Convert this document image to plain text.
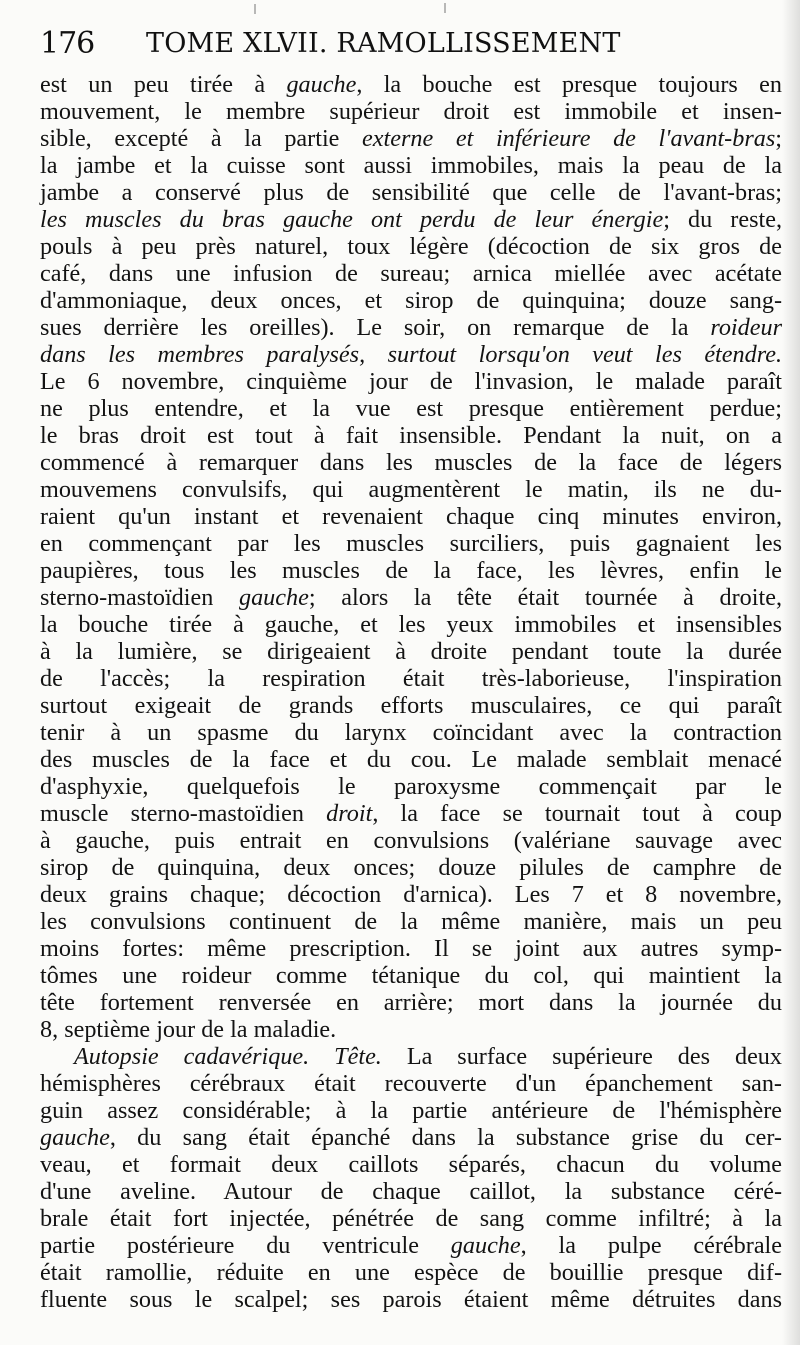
176 TOME XLVII. RAMOLLISSEMENT
est un peu tirée à gauche, la bouche est presque toujours en
mouvement, le membre supérieur droit est immobile et insen-
sible, excepté à la partie externe et inférieure de l'avant-bras;
la jambe et la cuisse sont aussi immobiles, mais la peau de la
jambe a conservé plus de sensibilité que celle de l'avant-bras;
les muscles du bras gauche ont perdu de leur énergie; du reste,
pouls à peu près naturel, toux légère (décoction de six gros de
café, dans une infusion de sureau; arnica miellée avec acétate
d'ammoniaque, deux onces, et sirop de quinquina; douze sang-
sues derrière les oreilles). Le soir, on remarque de la roideur
dans les membres paralysés, surtout lorsqu'on veut les étendre.
Le 6 novembre, cinquième jour de l'invasion, le malade paraît
ne plus entendre, et la vue est presque entièrement perdue;
le bras droit est tout à fait insensible. Pendant la nuit, on a
commencé à remarquer dans les muscles de la face de légers
mouvemens convulsifs, qui augmentèrent le matin, ils ne du-
raient qu'un instant et revenaient chaque cinq minutes environ,
en commençant par les muscles surciliers, puis gagnaient les
paupières, tous les muscles de la face, les lèvres, enfin le
sterno-mastoïdien gauche; alors la tête était tournée à droite,
la bouche tirée à gauche, et les yeux immobiles et insensibles
à la lumière, se dirigeaient à droite pendant toute la durée
de l'accès; la respiration était très-laborieuse, l'inspiration
surtout exigeait de grands efforts musculaires, ce qui paraît
tenir à un spasme du larynx coïncidant avec la contraction
des muscles de la face et du cou. Le malade semblait menacé
d'asphyxie, quelquefois le paroxysme commençait par le
muscle sterno-mastoïdien droit, la face se tournait tout à coup
à gauche, puis entrait en convulsions (valériane sauvage avec
sirop de quinquina, deux onces; douze pilules de camphre de
deux grains chaque; décoction d'arnica). Les 7 et 8 novembre,
les convulsions continuent de la même manière, mais un peu
moins fortes: même prescription. Il se joint aux autres symp-
tômes une roideur comme tétanique du col, qui maintient la
tête fortement renversée en arrière; mort dans la journée du
8, septième jour de la maladie.
Autopsie cadavérique. Tête. La surface supérieure des deux
hémisphères cérébraux était recouverte d'un épanchement san-
guin assez considérable; à la partie antérieure de l'hémisphère
gauche, du sang était épanché dans la substance grise du cer-
veau, et formait deux caillots séparés, chacun du volume
d'une aveline. Autour de chaque caillot, la substance céré-
brale était fort injectée, pénétrée de sang comme infiltré; à la
partie postérieure du ventricule gauche, la pulpe cérébrale
était ramollie, réduite en une espèce de bouillie presque dif-
fluente sous le scalpel; ses parois étaient même détruites dans
